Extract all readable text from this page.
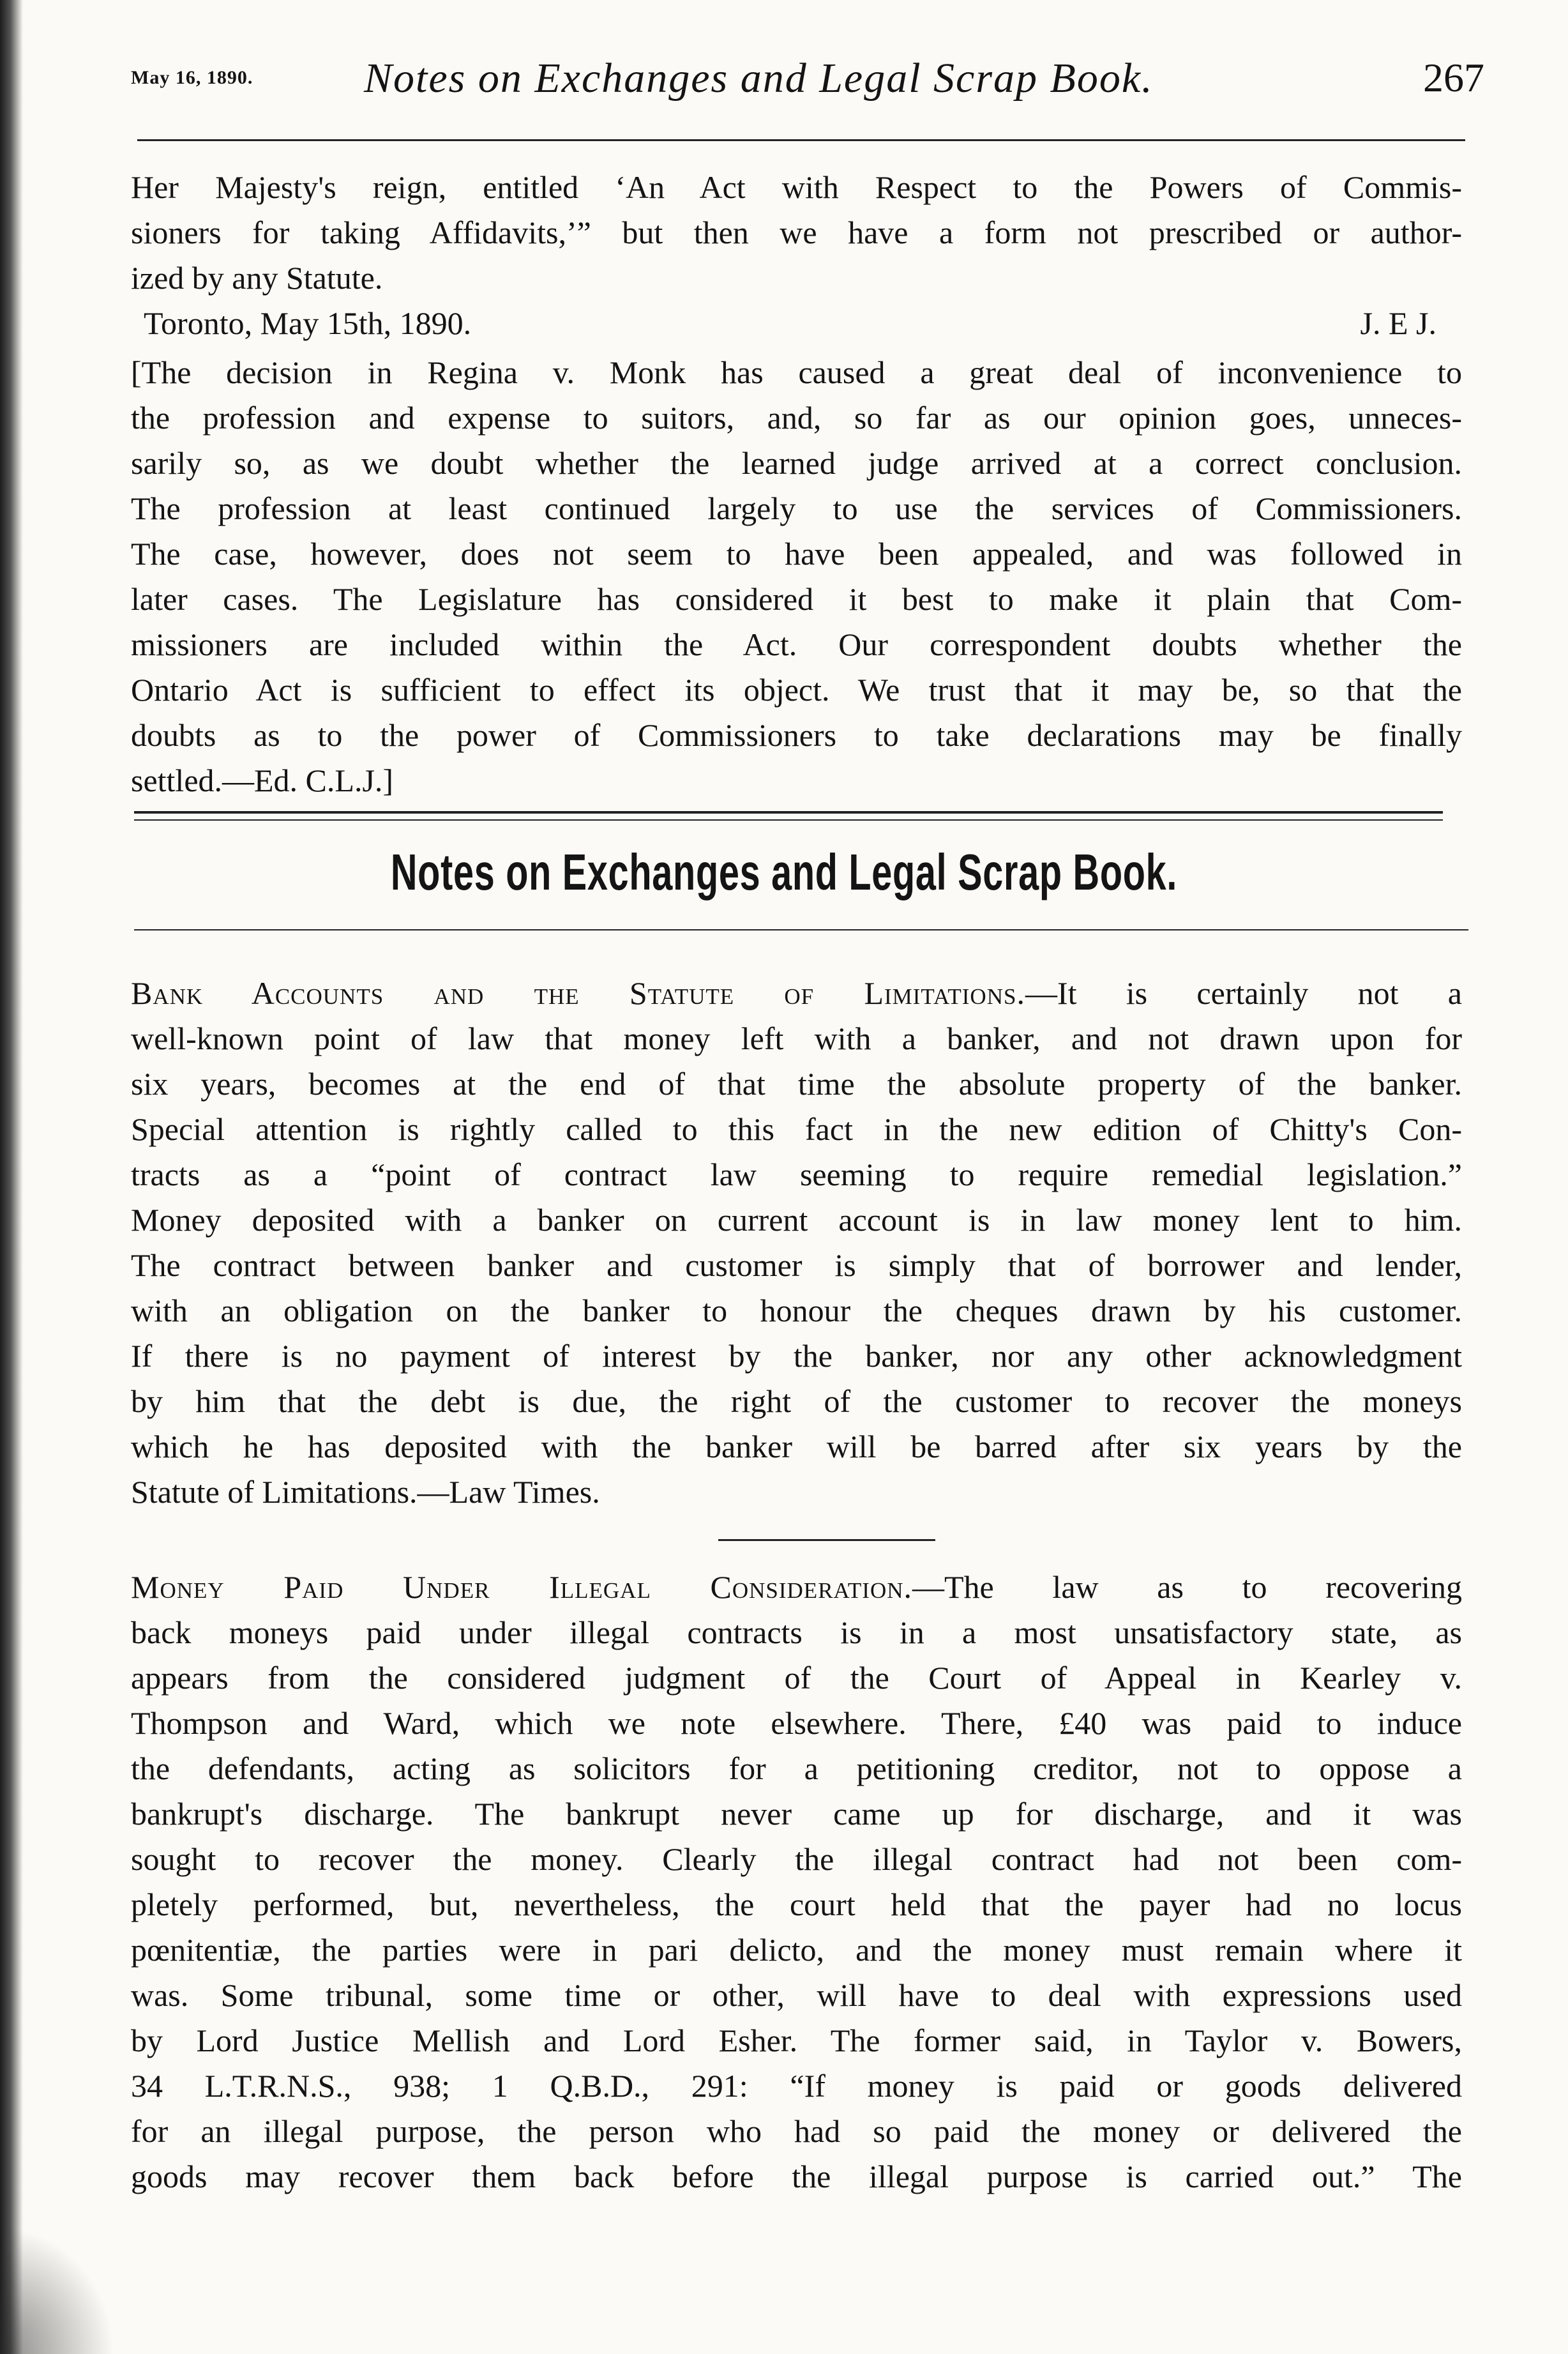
May 16, 1890.	Notes on Exchanges and Legal Scrap Book.	267
Her Majesty's reign, entitled ‘An Act with Respect to the Powers of Commis-
sioners for taking Affidavits,’” but then we have a form not prescribed or author-
ized by any Statute.
Toronto, May 15th, 1890.	J. E J.
[The decision in Regina v. Monk has caused a great deal of inconvenience to
the profession and expense to suitors, and, so far as our opinion goes, unneces-
sarily so, as we doubt whether the learned judge arrived at a correct conclusion.
The profession at least continued largely to use the services of Commissioners.
The case, however, does not seem to have been appealed, and was followed in
later cases. The Legislature has considered it best to make it plain that Com-
missioners are included within the Act. Our correspondent doubts whether the
Ontario Act is sufficient to effect its object. We trust that it may be, so that the
doubts as to the power of Commissioners to take declarations may be finally
settled.—Ed. C.L.J.]
Notes on Exchanges and Legal Scrap Book.
Bank Accounts and the Statute of Limitations.—It is certainly not a
well-known point of law that money left with a banker, and not drawn upon for
six years, becomes at the end of that time the absolute property of the banker.
Special attention is rightly called to this fact in the new edition of Chitty's Con-
tracts as a “point of contract law seeming to require remedial legislation.”
Money deposited with a banker on current account is in law money lent to him.
The contract between banker and customer is simply that of borrower and lender,
with an obligation on the banker to honour the cheques drawn by his customer.
If there is no payment of interest by the banker, nor any other acknowledgment
by him that the debt is due, the right of the customer to recover the moneys
which he has deposited with the banker will be barred after six years by the
Statute of Limitations.—Law Times.
Money Paid Under Illegal Consideration.—The law as to recovering
back moneys paid under illegal contracts is in a most unsatisfactory state, as
appears from the considered judgment of the Court of Appeal in Kearley v.
Thompson and Ward, which we note elsewhere. There, £40 was paid to induce
the defendants, acting as solicitors for a petitioning creditor, not to oppose a
bankrupt's discharge. The bankrupt never came up for discharge, and it was
sought to recover the money. Clearly the illegal contract had not been com-
pletely performed, but, nevertheless, the court held that the payer had no locus
pœnitentiæ, the parties were in pari delicto, and the money must remain where it
was. Some tribunal, some time or other, will have to deal with expressions used
by Lord Justice Mellish and Lord Esher. The former said, in Taylor v. Bowers,
34 L.T.R.N.S., 938; 1 Q.B.D., 291: “If money is paid or goods delivered
for an illegal purpose, the person who had so paid the money or delivered the
goods may recover them back before the illegal purpose is carried out.” The
